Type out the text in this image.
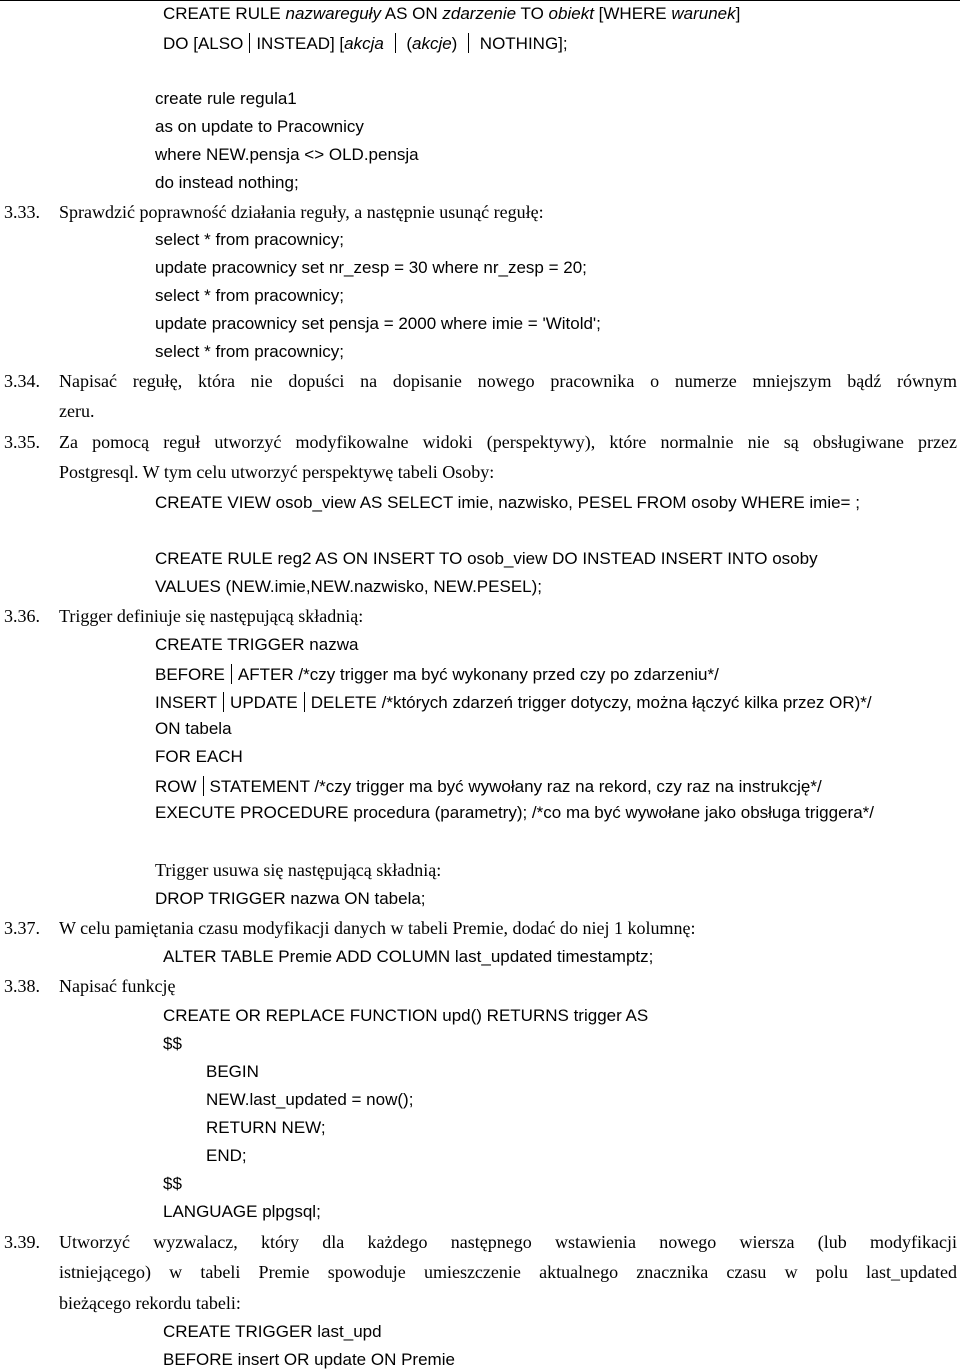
CREATE RULE nazwareguły AS ON zdarzenie TO obiekt [WHERE warunek]

DO [ALSO INSTEAD] [akcja  (akcje)  NOTHING];

create rule regula1

as on update to Pracownicy

where NEW.pensja <> OLD.pensja

do instead nothing;

3.33. Sprawdzić poprawność działania reguły, a następnie usunąć regułę:

select * from pracownicy;

update pracownicy set nr_zesp = 30 where nr_zesp = 20;

select * from pracownicy;

update pracownicy set pensja = 2000 where imie = 'Witold';

select * from pracownicy;

3.34. Napisać regułę, która nie dopuści na dopisanie nowego pracownika o numerze mniejszym bądź równym

zeru.

3.35. Za pomocą reguł utworzyć modyfikowalne widoki (perspektywy), które normalnie nie są obsługiwane przez

Postgresql. W tym celu utworzyć perspektywę tabeli Osoby:

CREATE VIEW osob_view AS SELECT imie, nazwisko, PESEL FROM osoby WHERE imie= ;

CREATE RULE reg2 AS ON INSERT TO osob_view DO INSTEAD INSERT INTO osoby

VALUES (NEW.imie,NEW.nazwisko, NEW.PESEL);

3.36. Trigger definiuje się następującą składnią:

CREATE TRIGGER nazwa

BEFORE AFTER /*czy trigger ma być wykonany przed czy po zdarzeniu*/

INSERT UPDATE DELETE /*których zdarzeń trigger dotyczy, można łączyć kilka przez OR)*/

ON tabela

FOR EACH

ROW STATEMENT /*czy trigger ma być wywołany raz na rekord, czy raz na instrukcję*/

EXECUTE PROCEDURE procedura (parametry); /*co ma być wywołane jako obsługa triggera*/

Trigger usuwa się następującą składnią:

DROP TRIGGER nazwa ON tabela;

3.37. W celu pamiętania czasu modyfikacji danych w tabeli Premie, dodać do niej 1 kolumnę:

ALTER TABLE Premie ADD COLUMN last_updated timestamptz;

3.38. Napisać funkcję

CREATE OR REPLACE FUNCTION upd() RETURNS trigger AS

$$

BEGIN

NEW.last_updated = now();

RETURN NEW;

END;

$$

LANGUAGE plpgsql;

3.39. Utworzyć wyzwalacz, który dla każdego następnego wstawienia nowego wiersza (lub modyfikacji

istniejącego) w tabeli Premie spowoduje umieszczenie aktualnego znacznika czasu w polu last_updated

bieżącego rekordu tabeli:

CREATE TRIGGER last_upd

BEFORE insert OR update ON Premie
